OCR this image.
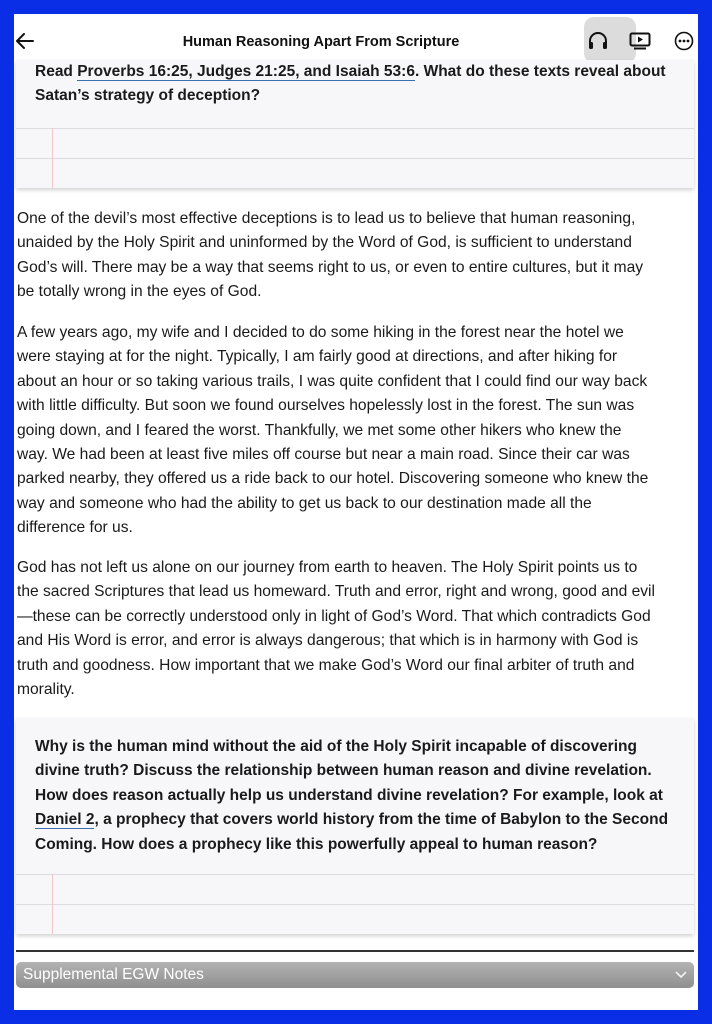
Human Reasoning Apart From Scripture
Read Proverbs 16:25, Judges 21:25, and Isaiah 53:6. What do these texts reveal about
Satan’s strategy of deception?
One of the devil’s most effective deceptions is to lead us to believe that human reasoning,
unaided by the Holy Spirit and uninformed by the Word of God, is sufficient to understand
God’s will. There may be a way that seems right to us, or even to entire cultures, but it may
be totally wrong in the eyes of God.
A few years ago, my wife and I decided to do some hiking in the forest near the hotel we
were staying at for the night. Typically, I am fairly good at directions, and after hiking for
about an hour or so taking various trails, I was quite confident that I could find our way back
with little difficulty. But soon we found ourselves hopelessly lost in the forest. The sun was
going down, and I feared the worst. Thankfully, we met some other hikers who knew the
way. We had been at least five miles off course but near a main road. Since their car was
parked nearby, they offered us a ride back to our hotel. Discovering someone who knew the
way and someone who had the ability to get us back to our destination made all the
difference for us.
God has not left us alone on our journey from earth to heaven. The Holy Spirit points us to
the sacred Scriptures that lead us homeward. Truth and error, right and wrong, good and evil
—these can be correctly understood only in light of God’s Word. That which contradicts God
and His Word is error, and error is always dangerous; that which is in harmony with God is
truth and goodness. How important that we make God’s Word our final arbiter of truth and
morality.
Why is the human mind without the aid of the Holy Spirit incapable of discovering
divine truth? Discuss the relationship between human reason and divine revelation.
How does reason actually help us understand divine revelation? For example, look at
Daniel 2, a prophecy that covers world history from the time of Babylon to the Second
Coming. How does a prophecy like this powerfully appeal to human reason?
Supplemental EGW Notes
